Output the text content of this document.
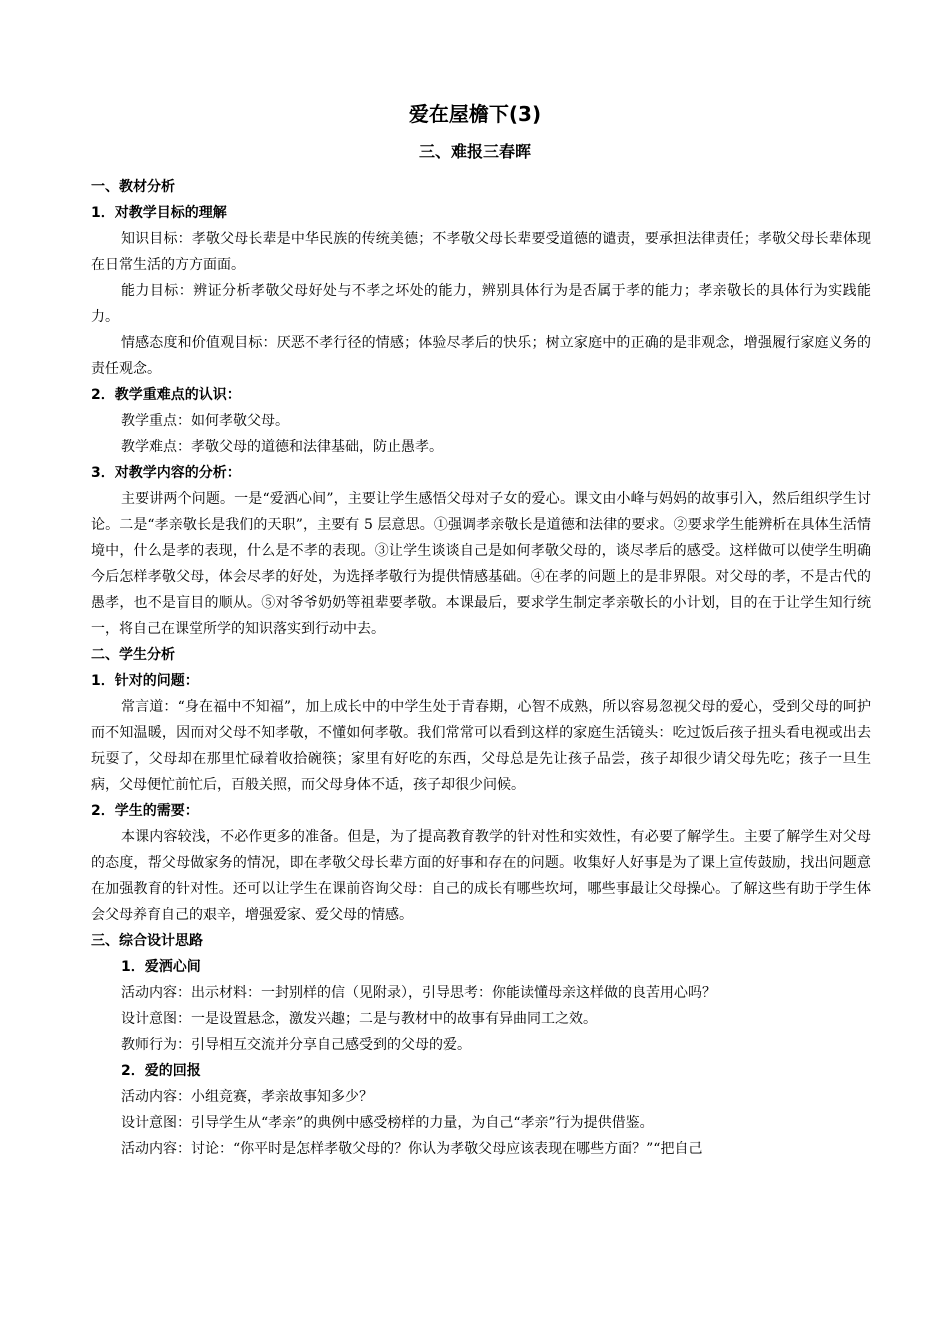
爱在屋檐下(3)
三、难报三春晖
一、教材分析
1．对教学目标的理解

知识目标：孝敬父母长辈是中华民族的传统美德；不孝敬父母长辈要受道德的谴责，要承担法律责任；孝敬父母长辈体现在日常生活的方方面面。

能力目标：辨证分析孝敬父母好处与不孝之坏处的能力，辨别具体行为是否属于孝的能力；孝亲敬长的具体行为实践能力。

情感态度和价值观目标：厌恶不孝行径的情感；体验尽孝后的快乐；树立家庭中的正确的是非观念，增强履行家庭义务的责任观念。

2．教学重难点的认识：

教学重点：如何孝敬父母。

教学难点：孝敬父母的道德和法律基础，防止愚孝。

3．对教学内容的分析：

主要讲两个问题。一是“爱洒心间”，主要让学生感悟父母对子女的爱心。课文由小峰与妈妈的故事引入，然后组织学生讨论。二是“孝亲敬长是我们的天职”，主要有 5 层意思。①强调孝亲敬长是道德和法律的要求。②要求学生能辨析在具体生活情境中，什么是孝的表现，什么是不孝的表现。③让学生谈谈自己是如何孝敬父母的，谈尽孝后的感受。这样做可以使学生明确今后怎样孝敬父母，体会尽孝的好处，为选择孝敬行为提供情感基础。④在孝的问题上的是非界限。对父母的孝，不是古代的愚孝，也不是盲目的顺从。⑤对爷爷奶奶等祖辈要孝敬。本课最后，要求学生制定孝亲敬长的小计划，目的在于让学生知行统一，将自己在课堂所学的知识落实到行动中去。

二、学生分析
1．针对的问题：

常言道：“身在福中不知福”，加上成长中的中学生处于青春期，心智不成熟，所以容易忽视父母的爱心，受到父母的呵护而不知温暖，因而对父母不知孝敬，不懂如何孝敬。我们常常可以看到这样的家庭生活镜头：吃过饭后孩子扭头看电视或出去玩耍了，父母却在那里忙碌着收拾碗筷；家里有好吃的东西，父母总是先让孩子品尝，孩子却很少请父母先吃；孩子一旦生病，父母便忙前忙后，百般关照，而父母身体不适，孩子却很少问候。

2．学生的需要：

本课内容较浅，不必作更多的准备。但是，为了提高教育教学的针对性和实效性，有必要了解学生。主要了解学生对父母的态度，帮父母做家务的情况，即在孝敬父母长辈方面的好事和存在的问题。收集好人好事是为了课上宣传鼓励，找出问题意在加强教育的针对性。还可以让学生在课前咨询父母：自己的成长有哪些坎坷，哪些事最让父母操心。了解这些有助于学生体会父母养育自己的艰辛，增强爱家、爱父母的情感。

三、综合设计思路
1．爱洒心间

活动内容：出示材料：一封别样的信（见附录），引导思考：你能读懂母亲这样做的良苦用心吗？

设计意图：一是设置悬念，激发兴趣；二是与教材中的故事有异曲同工之效。

教师行为：引导相互交流并分享自己感受到的父母的爱。

2．爱的回报

活动内容：小组竞赛，孝亲故事知多少？

设计意图：引导学生从“孝亲”的典例中感受榜样的力量，为自己“孝亲”行为提供借鉴。

活动内容：讨论：“你平时是怎样孝敬父母的？你认为孝敬父母应该表现在哪些方面？”“把自己
